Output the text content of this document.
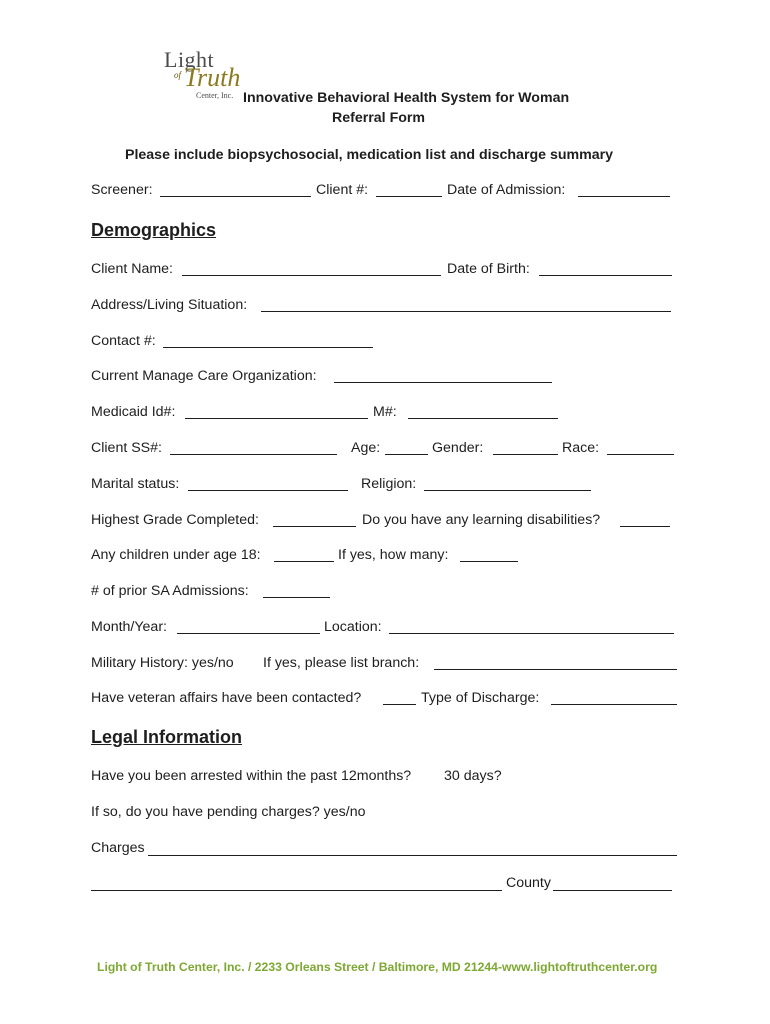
Light
Truth
of
Center, Inc. Innovative Behavioral Health System for Woman
Referral Form
Please include biopsychosocial, medication list and discharge summary
Screener:	Client #:	Date of Admission:
Demographics
Client Name:	Date of Birth:
Address/Living Situation:
Contact #:
Current Manage Care Organization:
Medicaid Id#:	M#:
Client SS#:	Age:	Gender:	Race:
Marital status:	Religion:
Highest Grade Completed:	Do you have any learning disabilities?
Any children under age 18:	If yes, how many:
# of prior SA Admissions:
Month/Year:	Location:
Military History: yes/no If yes, please list branch:
Have veteran affairs have been contacted?	Type of Discharge:
Legal Information
Have you been arrested within the past 12months? 30 days?
If so, do you have pending charges? yes/no
Charges
County
Light of Truth Center, Inc. / 2233 Orleans Street / Baltimore, MD 21244-www.lightoftruthcenter.org
